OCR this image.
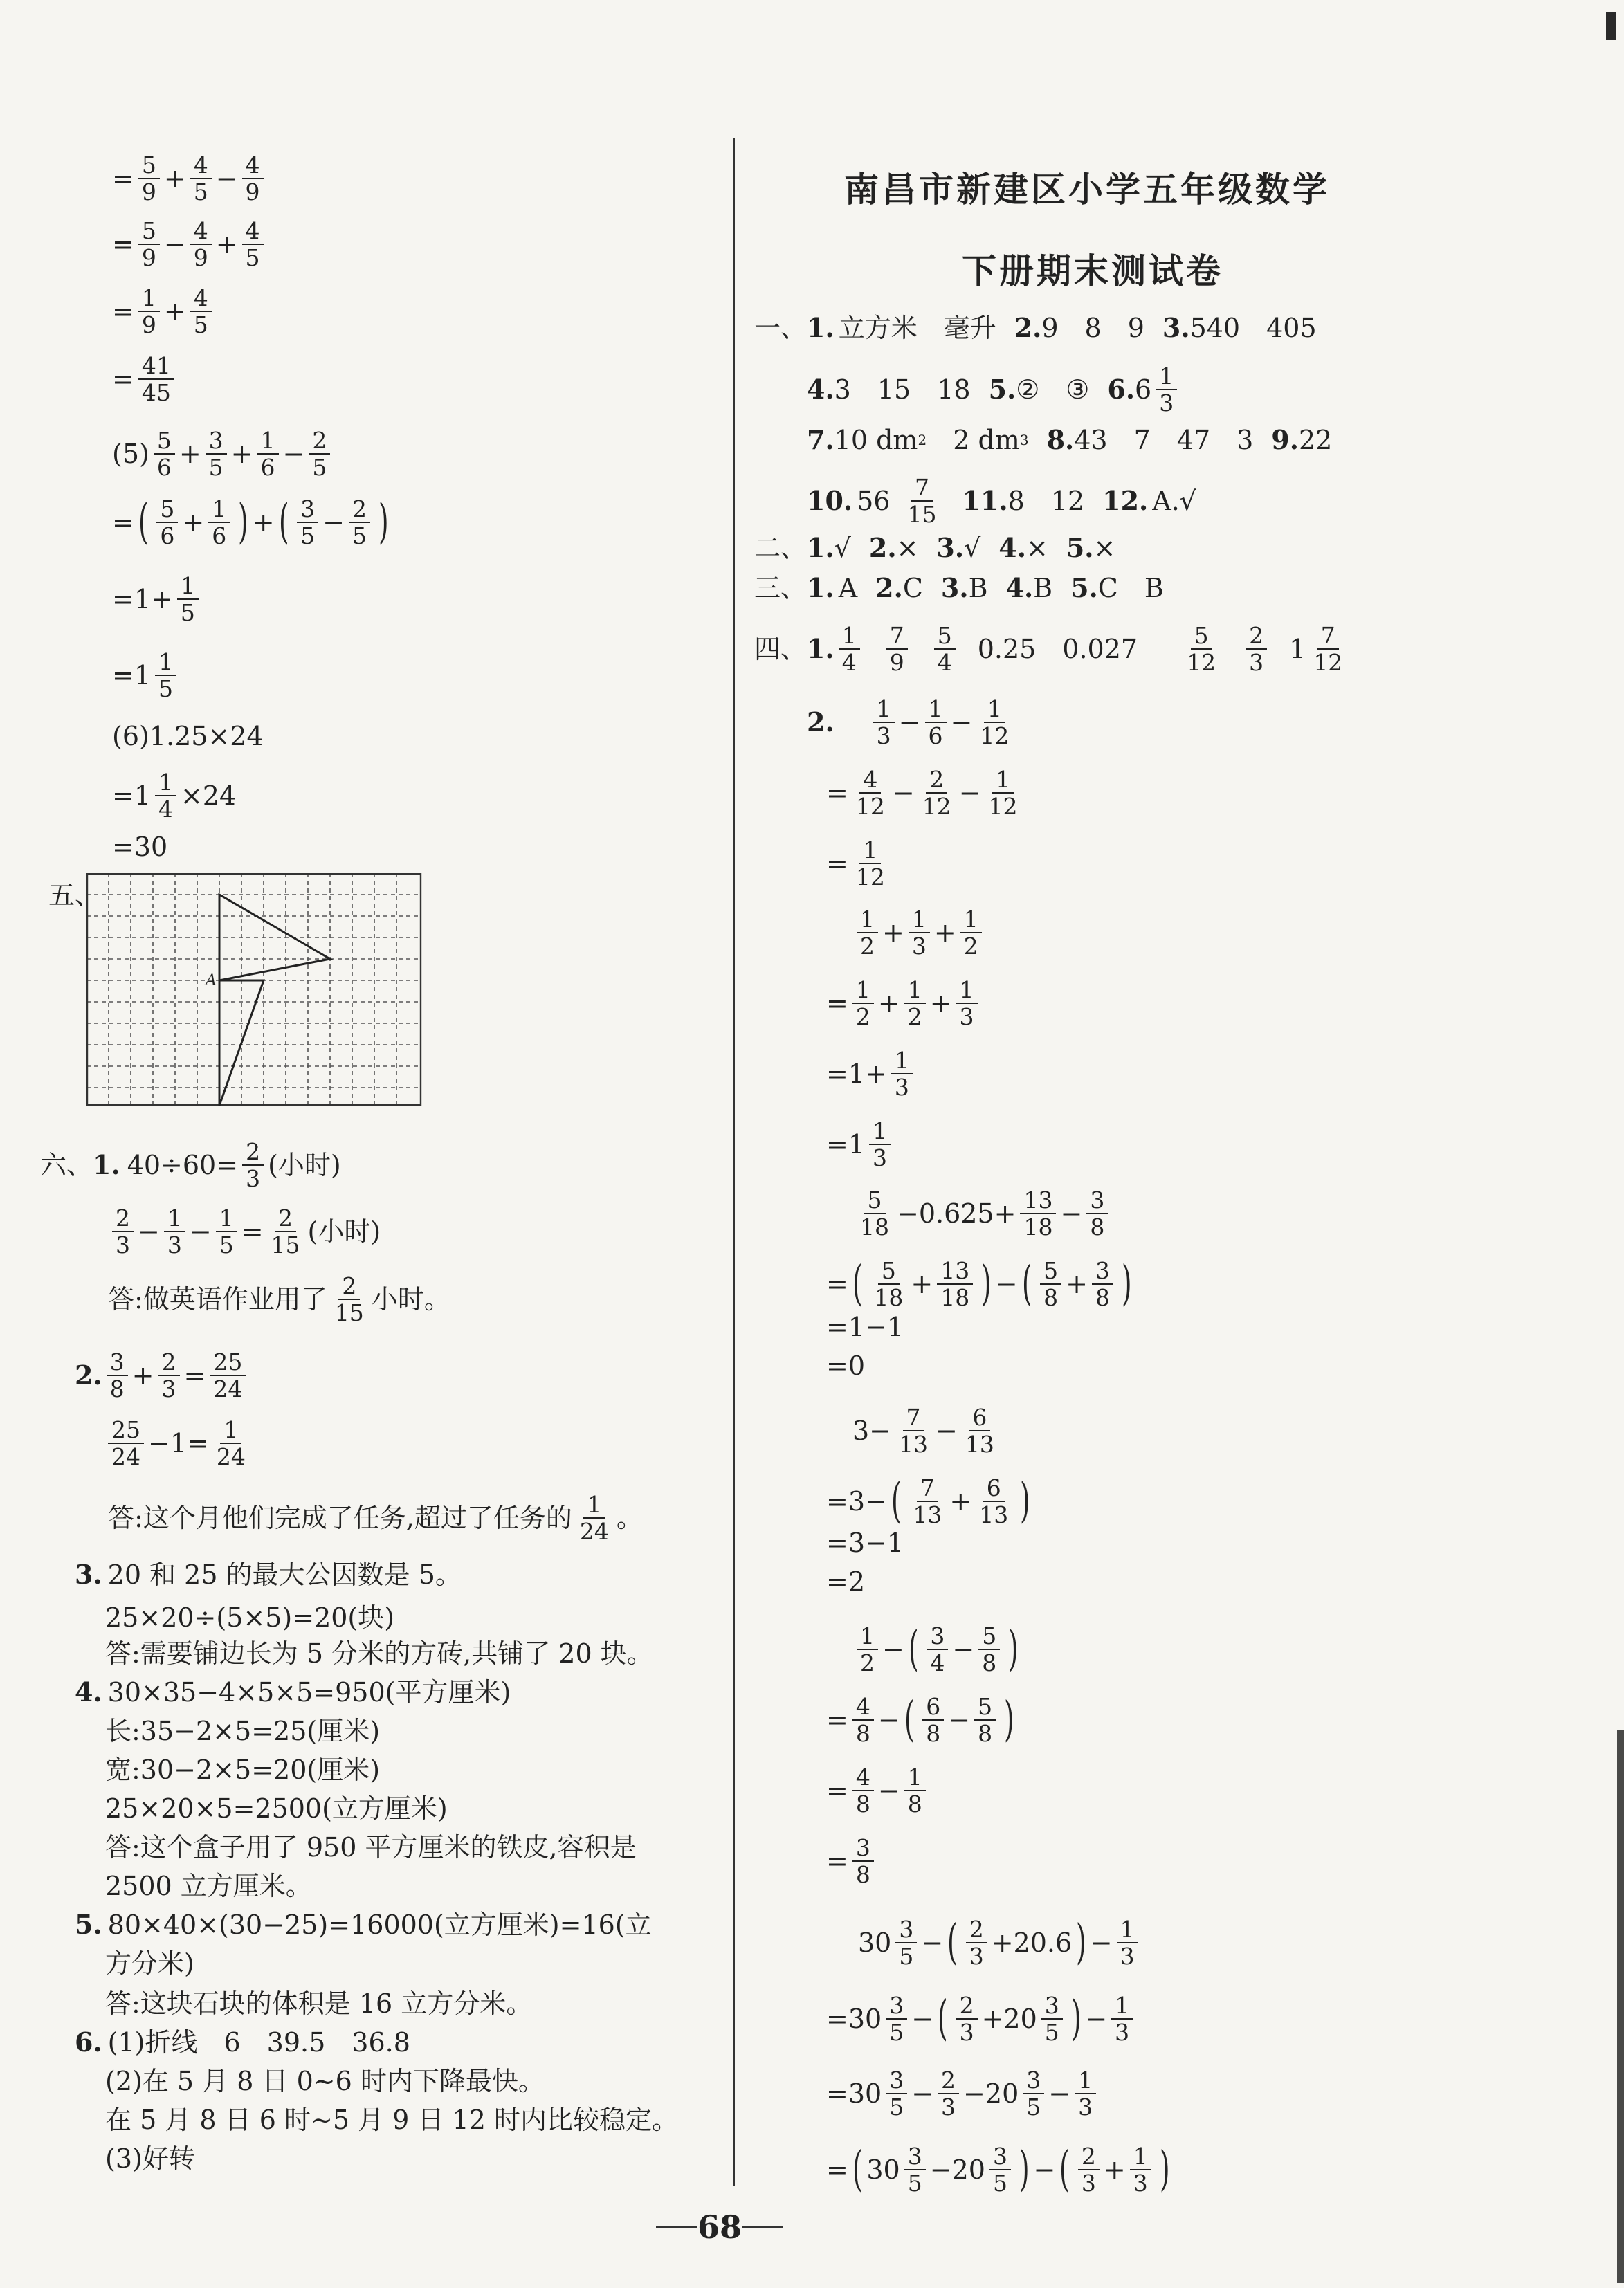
= $\frac{5}{9} + \frac{4}{5} - \frac{4}{9}$
= $\frac{5}{9} - \frac{4}{9} + \frac{4}{5}$
= $\frac{1}{9} + \frac{4}{5}$
= $\frac{41}{45}$
$(5) \frac{5}{6} + \frac{3}{5} + \frac{1}{6} - \frac{2}{5}$
= ( $\frac{5}{6} + \frac{1}{6}$ ) + ( $\frac{3}{5} - \frac{2}{5}$ )
$=1+ \frac{1}{5}$
$=1 \frac{1}{5}$
(6)1.25×24
$=1 \frac{1}{4} \times 24$
=30
五、
A
六、 1. $40\div 60= \frac{2}{3}$ (小时)
$\frac{2}{3} - \frac{1}{3} - \frac{1}{5} = \frac{2}{15}$ (小时)
答:做英语作业用了 $\frac{2}{15}$ 小时。
2. $\frac{3}{8} + \frac{2}{3} = \frac{25}{24}$
$\frac{25}{24} -1= \frac{1}{24}$
答:这个月他们完成了任务,超过了任务的 $\frac{1}{24}$ 。
3. 20 和 25 的最大公因数是 5。
25×20÷(5×5)=20(块)
答:需要铺边长为 5 分米的方砖,共铺了 20 块。
4. 30×35−4×5×5=950(平方厘米)
长:35−2×5=25(厘米)
宽:30−2×5=20(厘米)
25×20×5=2500(立方厘米)
答:这个盒子用了 950 平方厘米的铁皮,容积是
2500 立方厘米。
5. 80×40×(30−25)=16000(立方厘米)=16(立
方分米)
答:这块石块的体积是 16 立方分米。
6. (1)折线　6　39.5　36.8
(2)在 5 月 8 日 0~6 时内下降最快。
在 5 月 8 日 6 时~5 月 9 日 12 时内比较稳定。
(3)好转
南昌市新建区小学五年级数学
下册期末测试卷
一、 1. 立方米　毫升 2. 9　8　9 3. 540　405
4. 3　15　18 5. ②　③ 6. $6 \frac{1}{3}$
7. 10 dm 2 　2 dm 3 8. 43　7　47　3 9. 22
10. $56 \frac{7}{15} 11$. 8　12 12. A.√
二、 1. √ 2. × 3. √ 4. × 5. ×
三、 1. A 2. C 3. B 4. B 5. C　B
四、 1. $\frac{1}{4} \frac{7}{9} \frac{5}{4} 0.25$　$0.027 \frac{5}{12} \frac{2}{3} 1 \frac{7}{12}$
2. $\frac{1}{3} - \frac{1}{6} - \frac{1}{12}$
= $\frac{4}{12} - \frac{2}{12} - \frac{1}{12}$
= $\frac{1}{12}$
$\frac{1}{2} + \frac{1}{3} + \frac{1}{2}$
= $\frac{1}{2} + \frac{1}{2} + \frac{1}{3}$
$=1+ \frac{1}{3}$
$=1 \frac{1}{3}$
$\frac{5}{18} -0.625+ \frac{13}{18} - \frac{3}{8}$
= ( $\frac{5}{18} + \frac{13}{18}$ ) − ( $\frac{5}{8} + \frac{3}{8}$ )
=1−1
=0
$3- \frac{7}{13} - \frac{6}{13}$
=3− ( $\frac{7}{13} + \frac{6}{13}$ )
=3−1
=2
$\frac{1}{2}$ − ( $\frac{3}{4} - \frac{5}{8}$ )
= $\frac{4}{8}$ − ( $\frac{6}{8} - \frac{5}{8}$ )
= $\frac{4}{8} - \frac{1}{8}$
= $\frac{3}{8}$
$30 \frac{3}{5}$ − ( $\frac{2}{3} +20.6$ ) − $\frac{1}{3}$
$=30 \frac{3}{5}$ − ( $\frac{2}{3} +20 \frac{3}{5}$ ) − $\frac{1}{3}$
$=30 \frac{3}{5} - \frac{2}{3} -20 \frac{3}{5} - \frac{1}{3}$
= ( $30 \frac{3}{5} -20 \frac{3}{5}$ ) − ( $\frac{2}{3} + \frac{1}{3}$ )
68
